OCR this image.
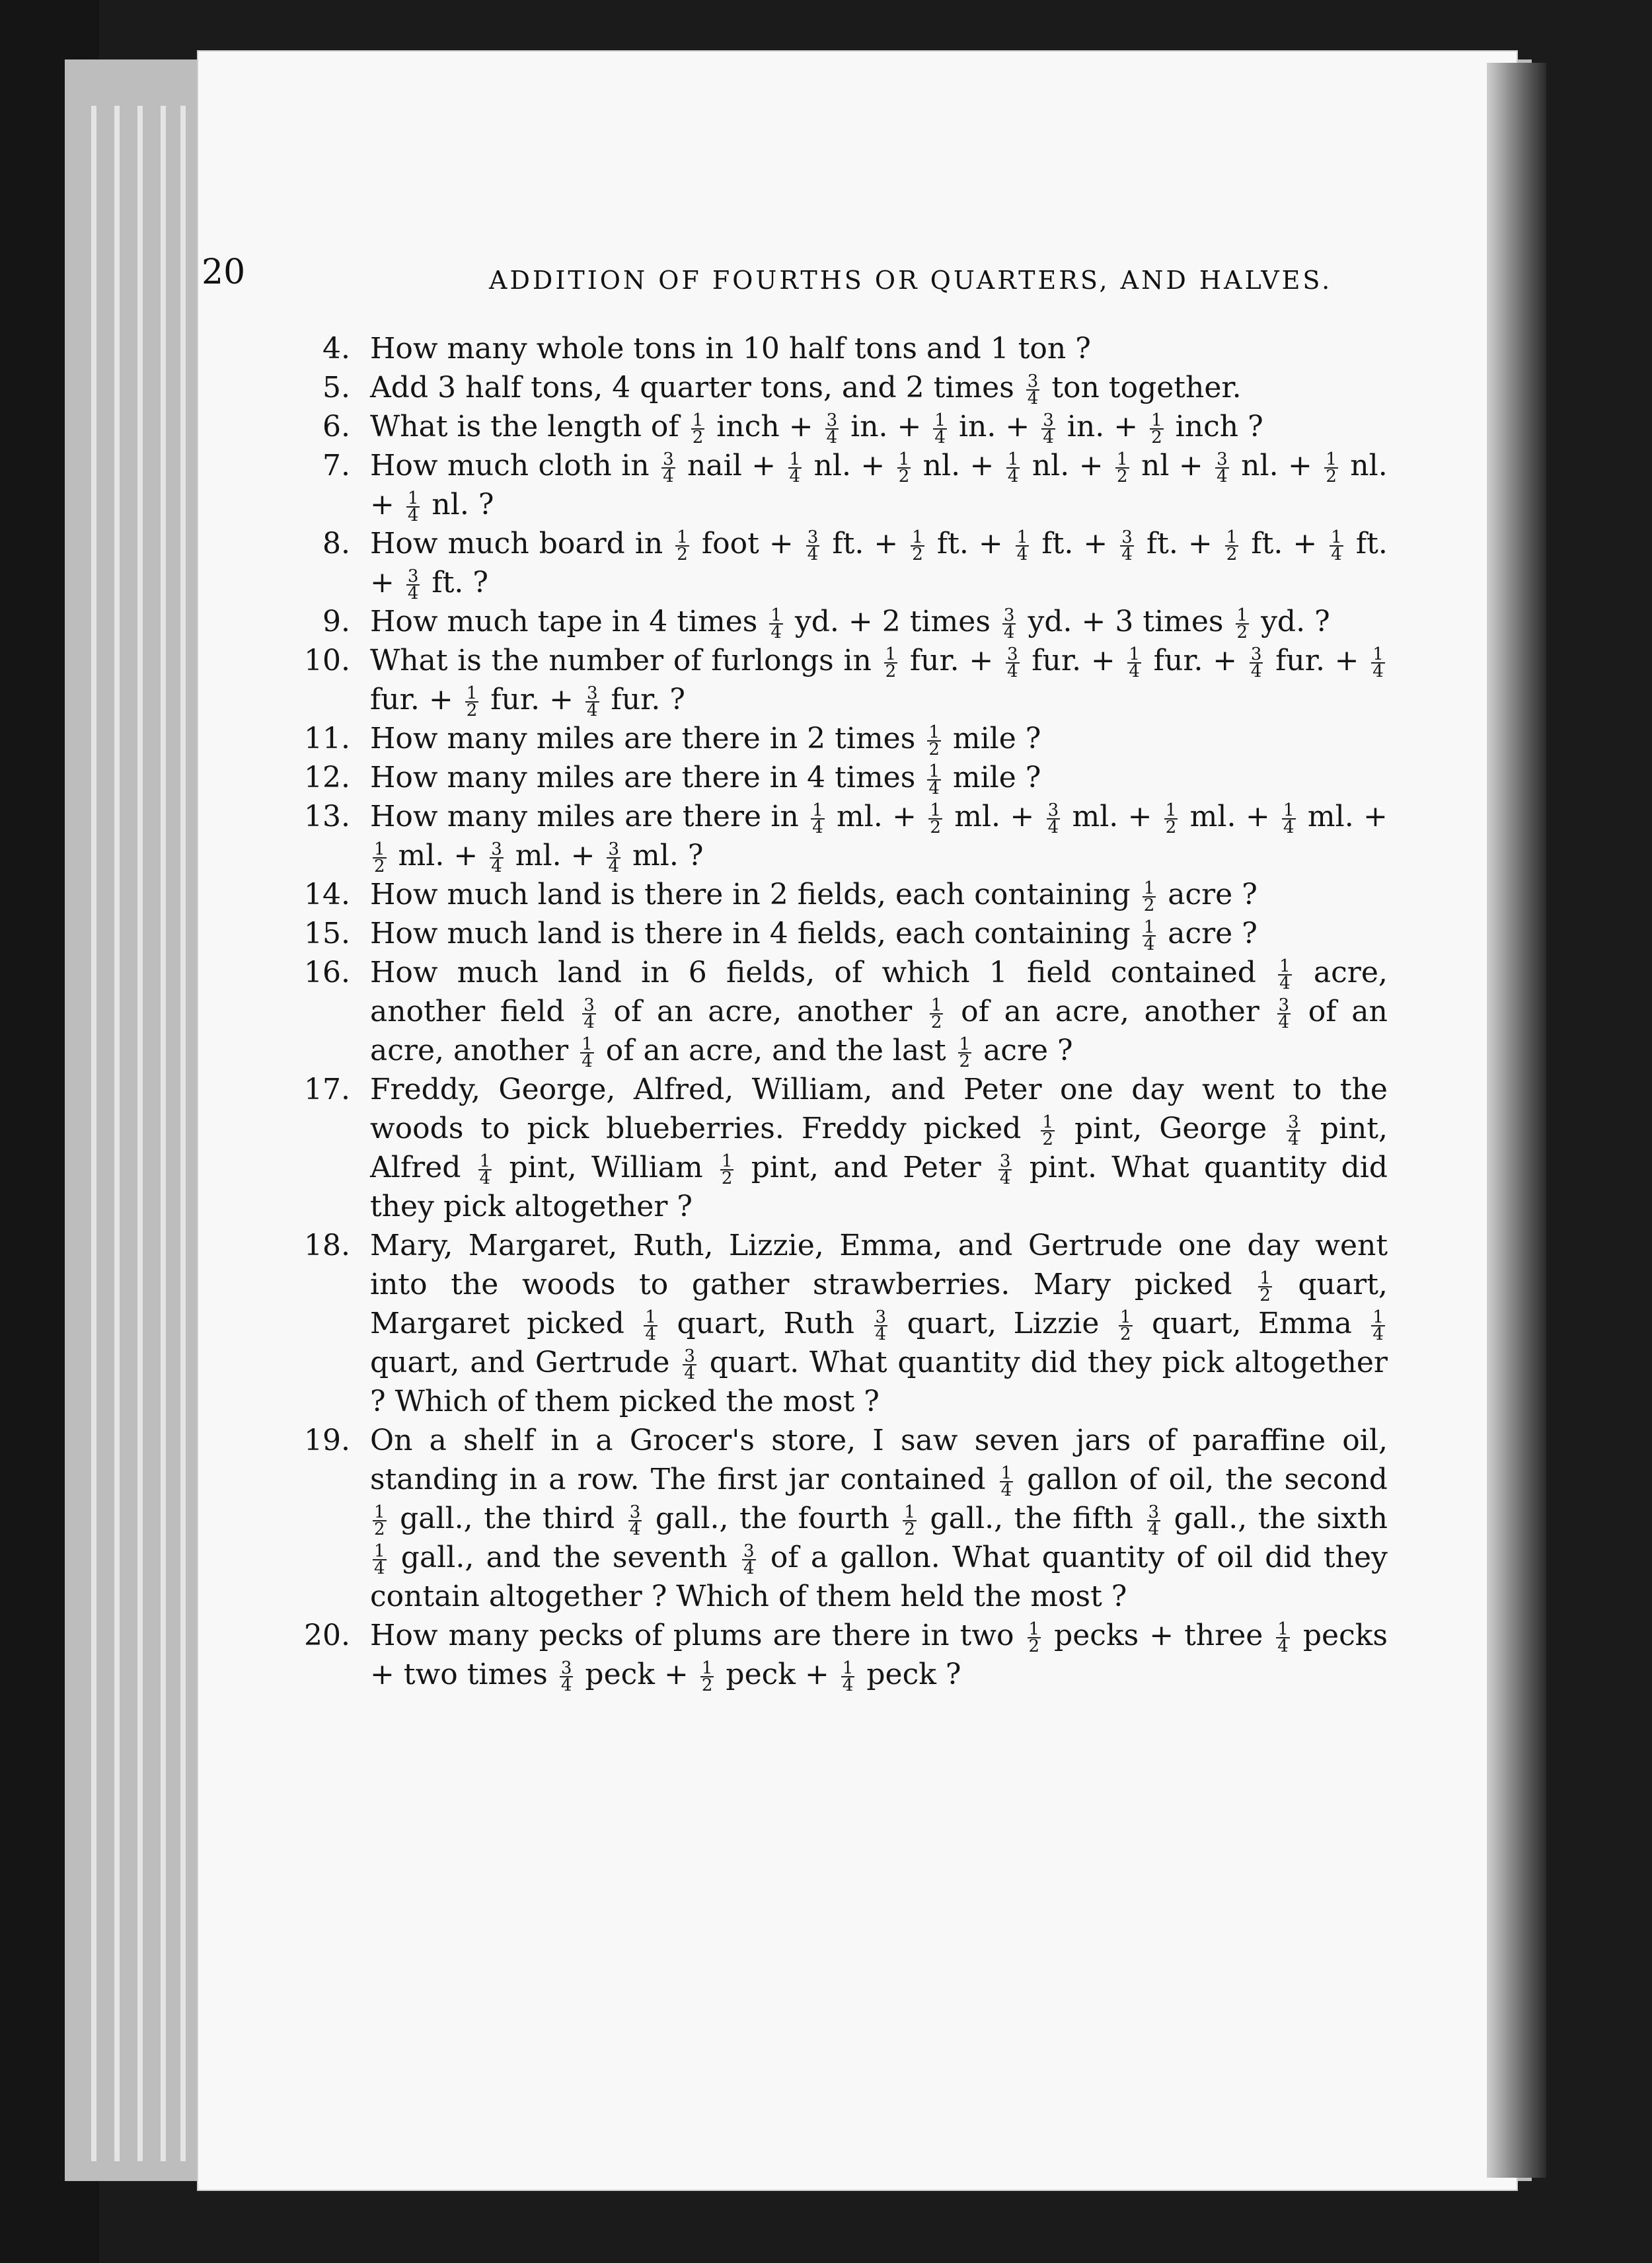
20	ADDITION OF FOURTHS OR QUARTERS, AND HALVES.
4. How many whole tons in 10 half tons and 1 ton ?
5. Add 3 half tons, 4 quarter tons, and 2 times $\frac{3}{4}$ ton together.
6. What is the length of $\frac{1}{2}$ inch + $\frac{3}{4}$ in. + $\frac{1}{4}$ in. + $\frac{3}{4}$ in. + $\frac{1}{2}$ inch ?
7. How much cloth in $\frac{3}{4}$ nail + $\frac{1}{4}$ nl. + $\frac{1}{2}$ nl. + $\frac{1}{4}$ nl. + $\frac{1}{2}$ nl + $\frac{3}{4}$ nl. + $\frac{1}{2}$ nl. + $\frac{1}{4}$ nl. ?
8. How much board in $\frac{1}{2}$ foot + $\frac{3}{4}$ ft. + $\frac{1}{2}$ ft. + $\frac{1}{4}$ ft. + $\frac{3}{4}$ ft. + $\frac{1}{2}$ ft. + $\frac{1}{4}$ ft. + $\frac{3}{4}$ ft. ?
9. How much tape in 4 times $\frac{1}{4}$ yd. + 2 times $\frac{3}{4}$ yd. + 3 times $\frac{1}{2}$ yd. ?
10. What is the number of furlongs in $\frac{1}{2}$ fur. + $\frac{3}{4}$ fur. + $\frac{1}{4}$ fur. + $\frac{3}{4}$ fur. + $\frac{1}{4}$
fur. + $\frac{1}{2}$ fur. + $\frac{3}{4}$ fur. ?
11. How many miles are there in 2 times $\frac{1}{2}$ mile ?
12. How many miles are there in 4 times $\frac{1}{4}$ mile ?
13. How many miles are there in $\frac{1}{4}$ ml. + $\frac{1}{2}$ ml. + $\frac{3}{4}$ ml. + $\frac{1}{2}$ ml. + $\frac{1}{4}$ ml. +
$\frac{1}{2}$ ml. + $\frac{3}{4}$ ml. + $\frac{3}{4}$ ml. ?
14. How much land is there in 2 felds, each containing $\frac{1}{2}$ acre ?
15. How much land is there in 4 felds, each containing $\frac{1}{4}$ acre ?
16. How much land in 6 felds, of which 1 feld contained $\frac{1}{4}$ acre, another feld $\frac{3}{4}$ of an acre, another $\frac{1}{2}$ of an acre, another $\frac{3}{4}$ of an acre, another $\frac{1}{4}$ of an acre, and the last $\frac{1}{2}$ acre ?
17. Freddy, George, Alfred, William, and Peter one day went to the woods to pick blueberries. Freddy picked $\frac{1}{2}$ pint, George $\frac{3}{4}$ pint, Alfred $\frac{1}{4}$ pint, William $\frac{1}{2}$ pint, and Peter $\frac{3}{4}$ pint. What quantity did they pick altogether ?
18. Mary, Margaret, Ruth, Lizzie, Emma, and Gertrude one day went into the woods to gather strawberries. Mary picked $\frac{1}{2}$ quart, Margaret picked $\frac{1}{4}$ quart, Ruth $\frac{3}{4}$ quart, Lizzie $\frac{1}{2}$ quart, Emma $\frac{1}{4}$
quart, and Gertrude $\frac{3}{4}$ quart. What quantity did they pick altogether ? Which of them picked the most ?
19. On a shelf in a Grocer's store, I saw seven jars of parafine oil, standing in a row. The frst jar contained $\frac{1}{4}$ gallon of oil, the second
$\frac{1}{2}$ gall., the third $\frac{3}{4}$ gall., the fourth $\frac{1}{2}$ gall., the ffth $\frac{3}{4}$ gall., the sixth
$\frac{1}{4}$ gall., and the seventh $\frac{3}{4}$ of a gallon. What quantity of oil did they contain altogether ? Which of them held the most ?
20. How many pecks of plums are there in two $\frac{1}{2}$ pecks + three $\frac{1}{4}$ pecks + two times $\frac{3}{4}$ peck + $\frac{1}{2}$ peck + $\frac{1}{4}$ peck ?
